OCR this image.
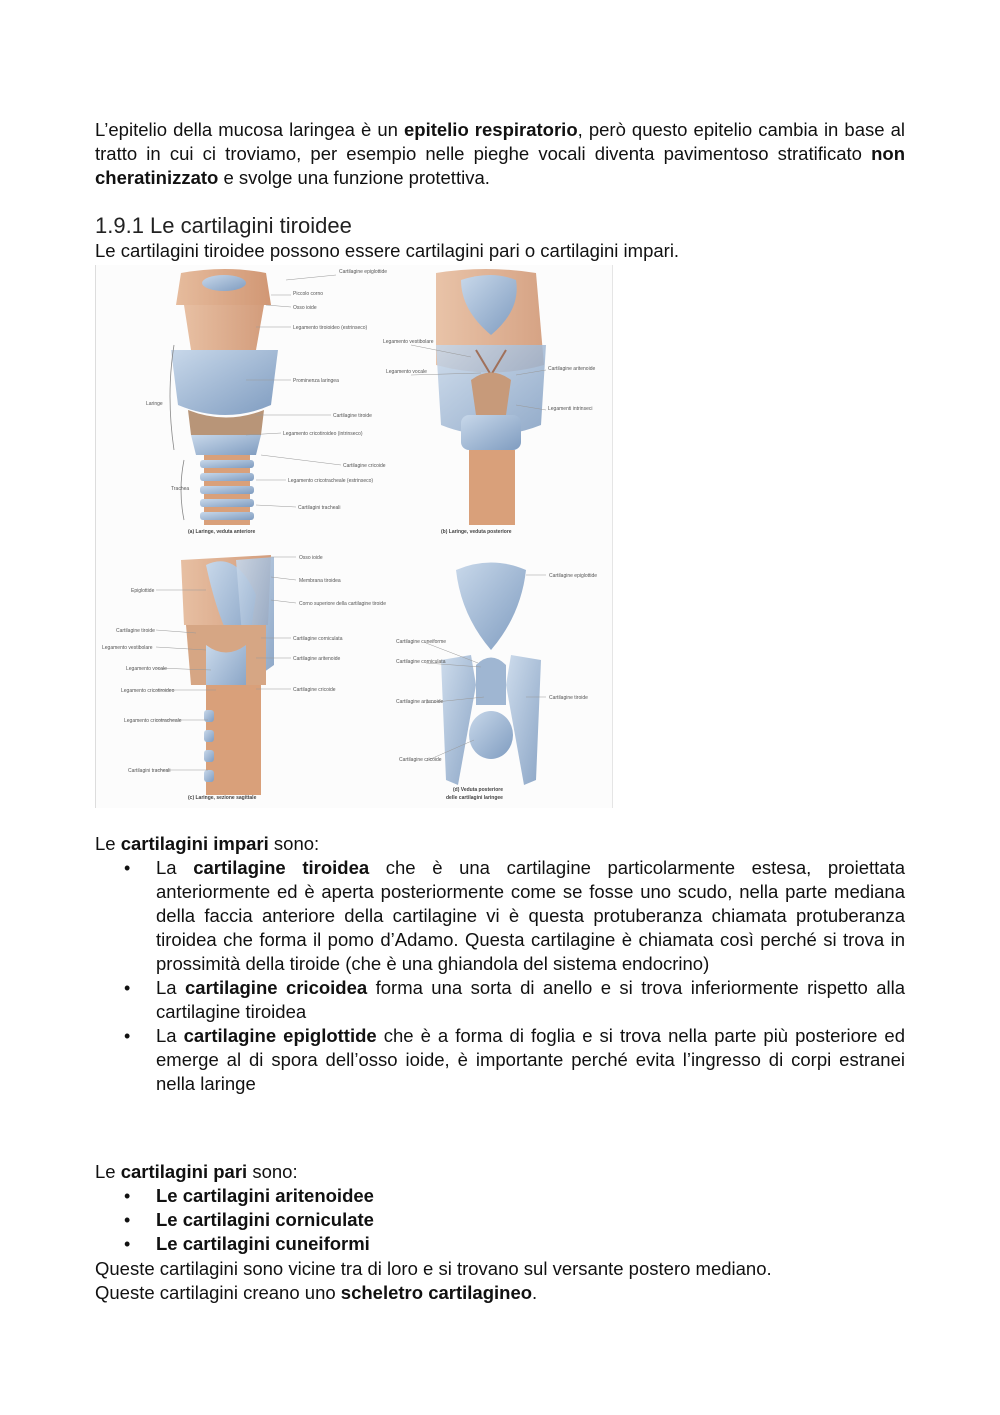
L’epitelio della mucosa laringea è un epitelio respiratorio, però questo epitelio cambia in base al tratto in cui ci troviamo, per esempio nelle pieghe vocali diventa pavimentoso stratificato non cheratinizzato e svolge una funzione protettiva.

1.9.1 Le cartilagini tiroidee
Le cartilagini tiroidee possono essere cartilagini pari o cartilagini impari.
Cartilagine epiglottide
Piccolo corno
Osso ioide
Legamento tiroioideo (estrinseco)
Prominenza laringea
Cartilagine tiroide
Legamento cricotiroideo (intrinseco)
Cartilagine cricoide
Legamento cricotracheale (estrinseco)
Cartilagini tracheali
Laringe
Trachea
(a) Laringe, veduta anteriore
Legamento vestibolare
Legamento vocale	Cartilagine aritenoide
Legamenti intrinseci
(b) Laringe, veduta posteriore
Osso ioide
Membrana tiroidea
Corno superiore della cartilagine tiroide
Epiglottide
Cartilagine tiroide
Legamento vestibolare
Legamento vocale
Legamento cricotiroideo
Legamento cricotracheale
Cartilagini tracheali
Cartilagine corniculata
Cartilagine aritenoide
Cartilagine cricoide
(c) Laringe, sezione sagittale
Cartilagine epiglottide
Cartilagine cuneiforme
Cartilagine corniculata
Cartilagine aritenoide
Cartilagine tiroide
Cartilagine cricoide
(d) Veduta posteriore
delle cartilagini laringee
Le cartilagini impari sono:
• La cartilagine tiroidea che è una cartilagine particolarmente estesa, proiettata anteriormente ed è aperta posteriormente come se fosse uno scudo, nella parte mediana della faccia anteriore della cartilagine vi è questa protuberanza chiamata protuberanza tiroidea che forma il pomo d’Adamo. Questa cartilagine è chiamata così perché si trova in prossimità della tiroide (che è una ghiandola del sistema endocrino)
• La cartilagine cricoidea forma una sorta di anello e si trova inferiormente rispetto alla cartilagine tiroidea
• La cartilagine epiglottide che è a forma di foglia e si trova nella parte più posteriore ed emerge al di spora dell’osso ioide, è importante perché evita l’ingresso di corpi estranei nella laringe
Le cartilagini pari sono:
• Le cartilagini aritenoidee
• Le cartilagini corniculate
• Le cartilagini cuneiformi
Queste cartilagini sono vicine tra di loro e si trovano sul versante postero mediano.
Queste cartilagini creano uno scheletro cartilagineo.
